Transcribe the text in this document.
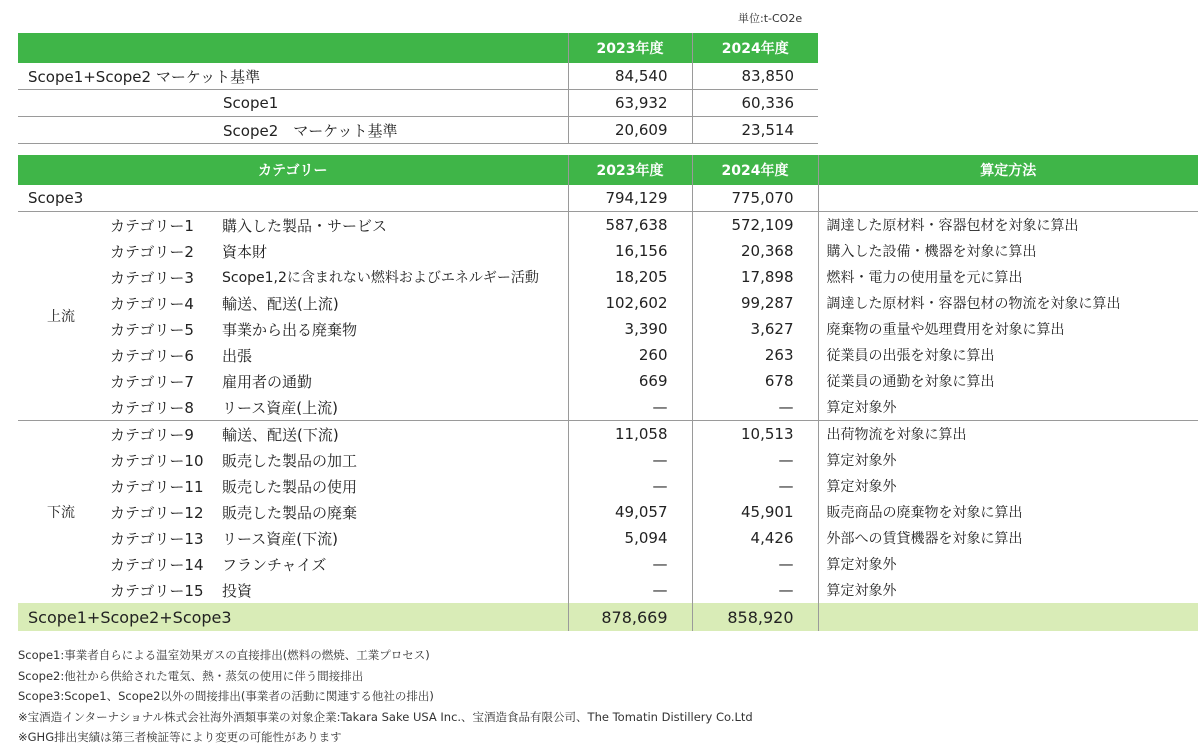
単位:t-CO2e
	2023年度	2024年度
Scope1+Scope2 マーケット基準	84,540	83,850
Scope1	63,932	60,336
Scope2　マーケット基準	20,609	23,514
カテゴリー			2023年度	2024年度	算定方法
Scope3			794,129	775,070	
上流	カテゴリー1	購入した製品・サービス	587,638	572,109	調達した原材料・容器包材を対象に算出
	カテゴリー2	資本財	16,156	20,368	購入した設備・機器を対象に算出
	カテゴリー3	Scope1,2に含まれない燃料およびエネルギー活動	18,205	17,898	燃料・電力の使用量を元に算出
	カテゴリー4	輸送、配送(上流)	102,602	99,287	調達した原材料・容器包材の物流を対象に算出
	カテゴリー5	事業から出る廃棄物	3,390	3,627	廃棄物の重量や処理費用を対象に算出
	カテゴリー6	出張	260	263	従業員の出張を対象に算出
	カテゴリー7	雇用者の通勤	669	678	従業員の通勤を対象に算出
	カテゴリー8	リース資産(上流)	—	—	算定対象外
下流	カテゴリー9	輸送、配送(下流)	11,058	10,513	出荷物流を対象に算出
	カテゴリー10	販売した製品の加工	—	—	算定対象外
	カテゴリー11	販売した製品の使用	—	—	算定対象外
	カテゴリー12	販売した製品の廃棄	49,057	45,901	販売商品の廃棄物を対象に算出
	カテゴリー13	リース資産(下流)	5,094	4,426	外部への賃貸機器を対象に算出
	カテゴリー14	フランチャイズ	—	—	算定対象外
	カテゴリー15	投資	—	—	算定対象外
Scope1+Scope2+Scope3			878,669	858,920	
Scope1:事業者自らによる温室効果ガスの直接排出(燃料の燃焼、工業プロセス)
Scope2:他社から供給された電気、熱・蒸気の使用に伴う間接排出
Scope3:Scope1、Scope2以外の間接排出(事業者の活動に関連する他社の排出)
※宝酒造インターナショナル株式会社海外酒類事業の対象企業:Takara Sake USA Inc.、宝酒造食品有限公司、The Tomatin Distillery Co.Ltd
※GHG排出実績は第三者検証等により変更の可能性があります
